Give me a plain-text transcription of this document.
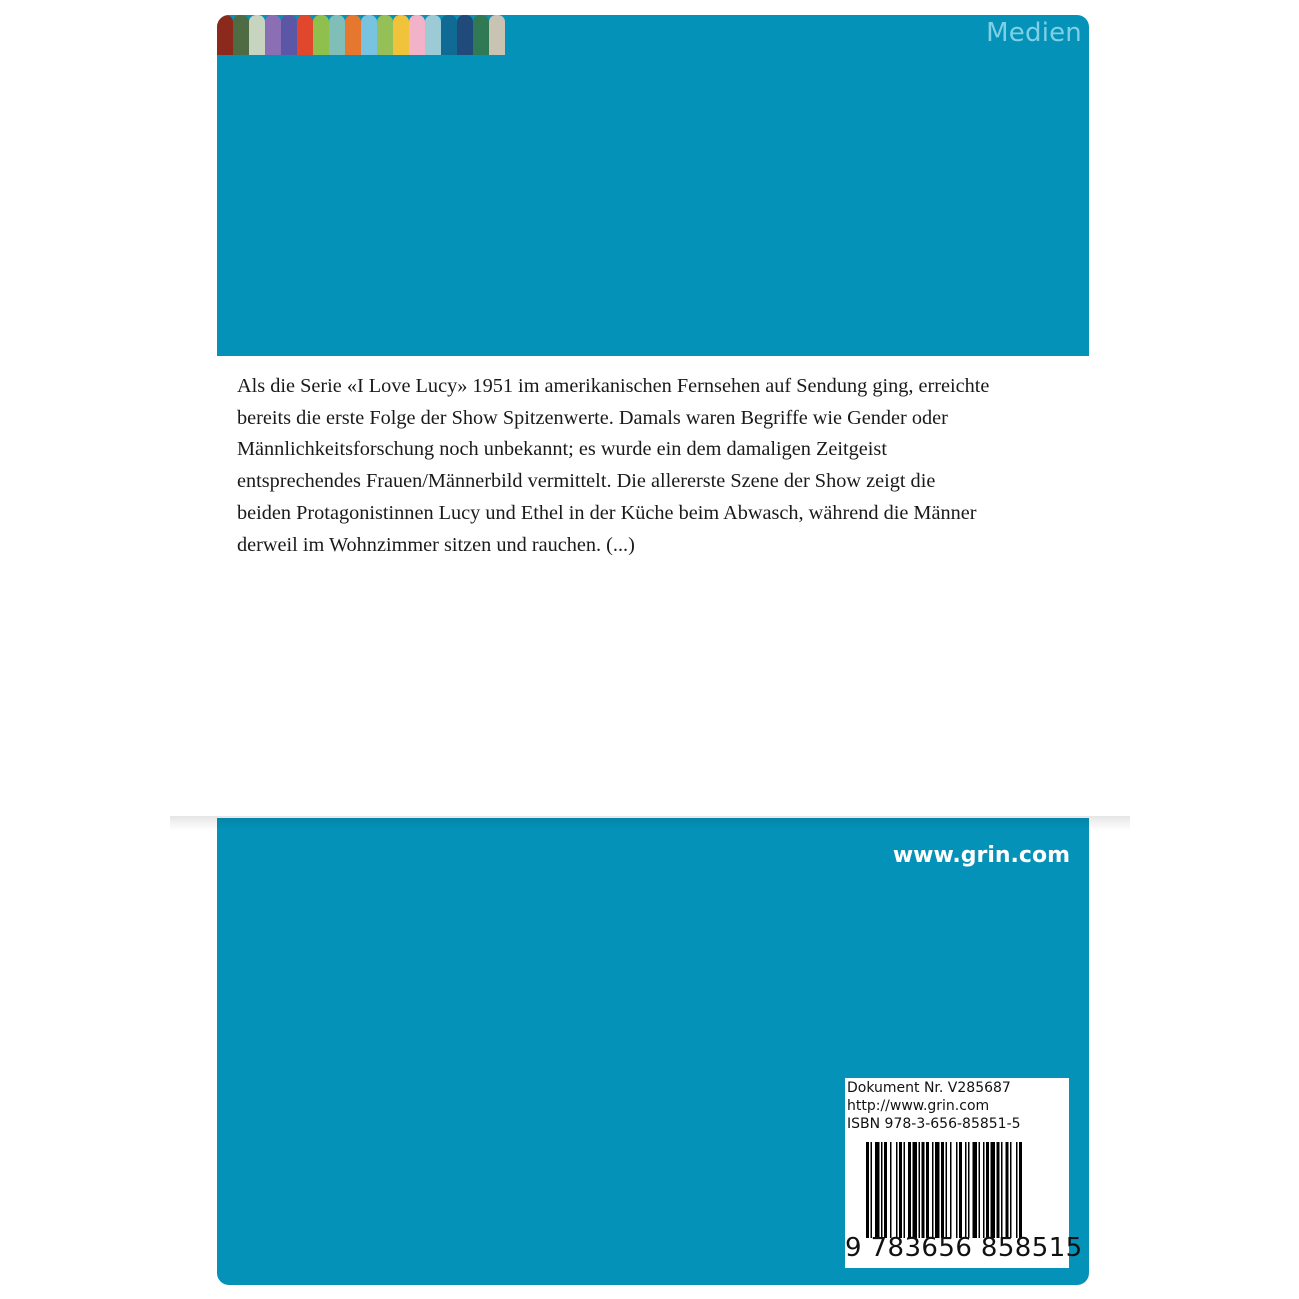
Medien

Als die Serie «I Love Lucy» 1951 im amerikanischen Fernsehen auf Sendung ging, erreichte
bereits die erste Folge der Show Spitzenwerte. Damals waren Begriffe wie Gender oder
Männlichkeitsforschung noch unbekannt; es wurde ein dem damaligen Zeitgeist
entsprechendes Frauen/Männerbild vermittelt. Die allererste Szene der Show zeigt die
beiden Protagonistinnen Lucy und Ethel in der Küche beim Abwasch, während die Männer
derweil im Wohnzimmer sitzen und rauchen. (...)

www.grin.com
Dokument Nr. V285687
http://www.grin.com
ISBN 978-3-656-85851-5
9 783656 858515
